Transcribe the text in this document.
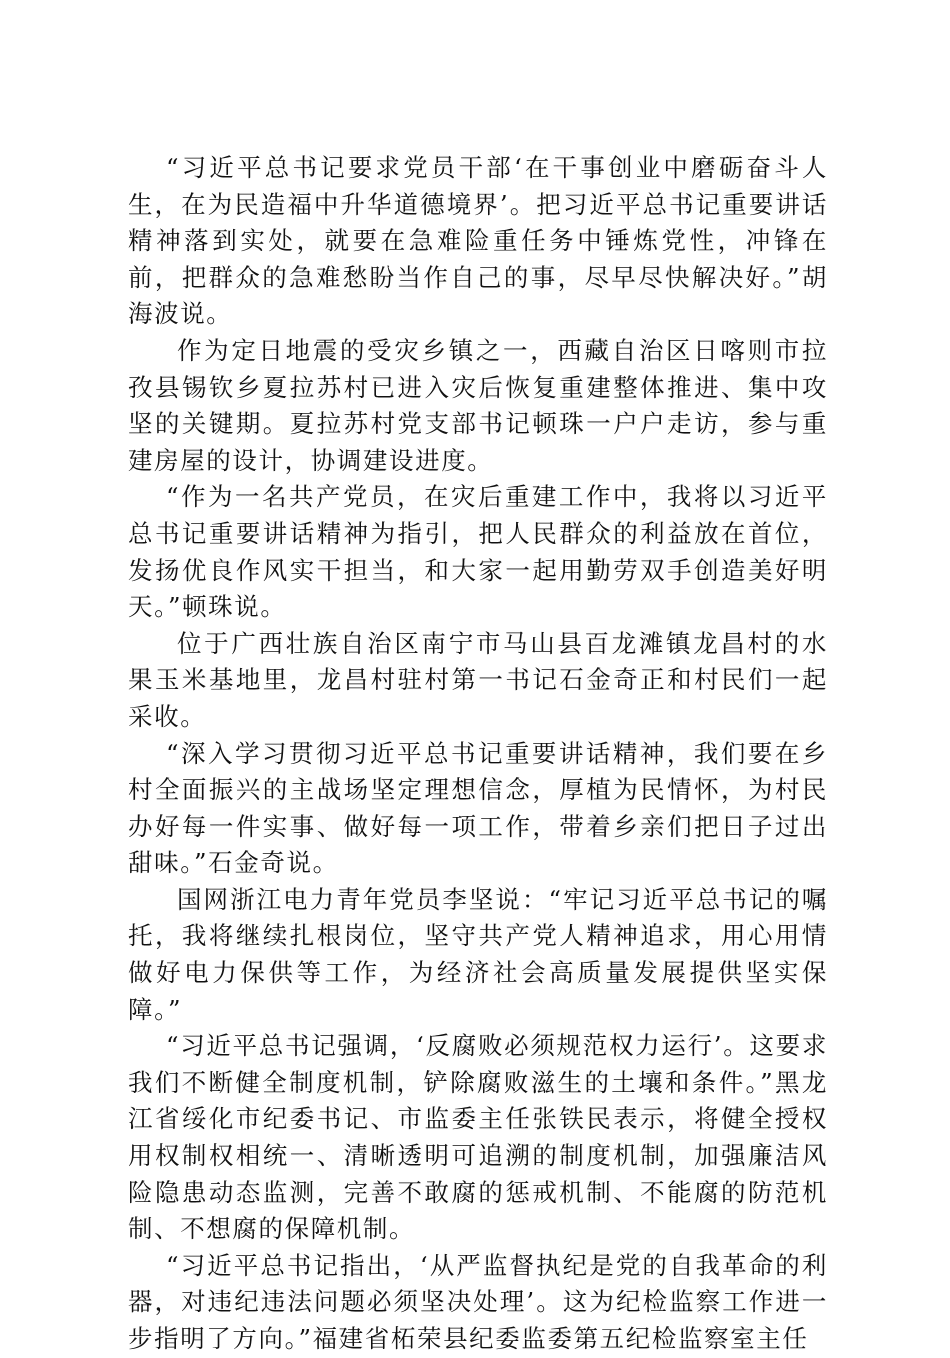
“习近平总书记要求党员干部‘在干事创业中磨砺奋斗人生，在为民造福中升华道德境界’。把习近平总书记重要讲话精神落到实处，就要在急难险重任务中锤炼党性，冲锋在前，把群众的急难愁盼当作自己的事，尽早尽快解决好。”胡海波说。

作为定日地震的受灾乡镇之一，西藏自治区日喀则市拉孜县锡钦乡夏拉苏村已进入灾后恢复重建整体推进、集中攻坚的关键期。夏拉苏村党支部书记顿珠一户户走访，参与重建房屋的设计，协调建设进度。

“作为一名共产党员，在灾后重建工作中，我将以习近平总书记重要讲话精神为指引，把人民群众的利益放在首位，发扬优良作风实干担当，和大家一起用勤劳双手创造美好明天。”顿珠说。

位于广西壮族自治区南宁市马山县百龙滩镇龙昌村的水果玉米基地里，龙昌村驻村第一书记石金奇正和村民们一起采收。

“深入学习贯彻习近平总书记重要讲话精神，我们要在乡村全面振兴的主战场坚定理想信念，厚植为民情怀，为村民办好每一件实事、做好每一项工作，带着乡亲们把日子过出甜味。”石金奇说。

国网浙江电力青年党员李坚说：“牢记习近平总书记的嘱托，我将继续扎根岗位，坚守共产党人精神追求，用心用情做好电力保供等工作，为经济社会高质量发展提供坚实保障。”

“习近平总书记强调，‘反腐败必须规范权力运行’。这要求我们不断健全制度机制，铲除腐败滋生的土壤和条件。”黑龙江省绥化市纪委书记、市监委主任张铁民表示，将健全授权用权制权相统一、清晰透明可追溯的制度机制，加强廉洁风险隐患动态监测，完善不敢腐的惩戒机制、不能腐的防范机制、不想腐的保障机制。

“习近平总书记指出，‘从严监督执纪是党的自我革命的利器，对违纪违法问题必须坚决处理’。这为纪检监察工作进一步指明了方向。”福建省柘荣县纪委监委第五纪检监察室主任
